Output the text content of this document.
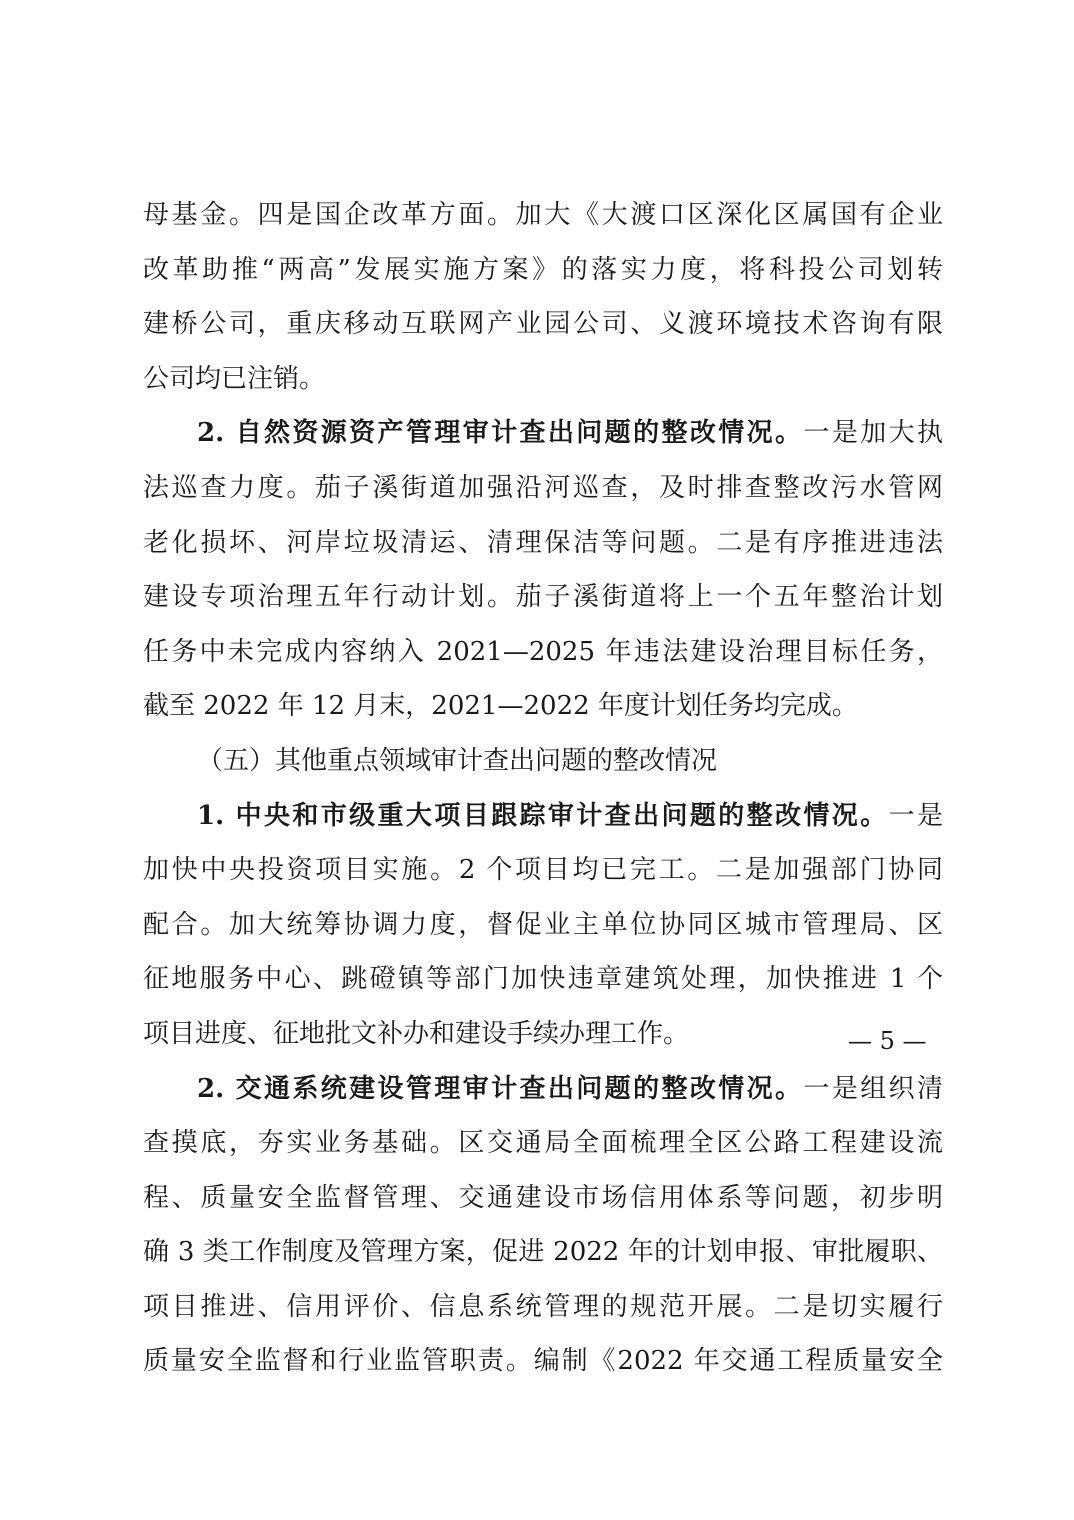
母基金。四是国企改革方面。加大《大渡口区深化区属国有企业
改革助推“两高”发展实施方案》的落实力度，将科投公司划转
建桥公司，重庆移动互联网产业园公司、义渡环境技术咨询有限
公司均已注销。
2. 自然资源资产管理审计查出问题的整改情况。一是加大执
法巡查力度。茄子溪街道加强沿河巡查，及时排查整改污水管网
老化损坏、河岸垃圾清运、清理保洁等问题。二是有序推进违法
建设专项治理五年行动计划。茄子溪街道将上一个五年整治计划
任务中未完成内容纳入 2021—2025 年违法建设治理目标任务，
截至 2022 年 12 月末，2021—2022 年度计划任务均完成。
（五）其他重点领域审计查出问题的整改情况
1. 中央和市级重大项目跟踪审计查出问题的整改情况。一是
加快中央投资项目实施。2 个项目均已完工。二是加强部门协同
配合。加大统筹协调力度，督促业主单位协同区城市管理局、区
征地服务中心、跳磴镇等部门加快违章建筑处理，加快推进 1 个
项目进度、征地批文补办和建设手续办理工作。
2. 交通系统建设管理审计查出问题的整改情况。一是组织清
查摸底，夯实业务基础。区交通局全面梳理全区公路工程建设流
程、质量安全监督管理、交通建设市场信用体系等问题，初步明
确 3 类工作制度及管理方案，促进 2022 年的计划申报、审批履职、
项目推进、信用评价、信息系统管理的规范开展。二是切实履行
质量安全监督和行业监管职责。编制《2022 年交通工程质量安全
— 5 —
